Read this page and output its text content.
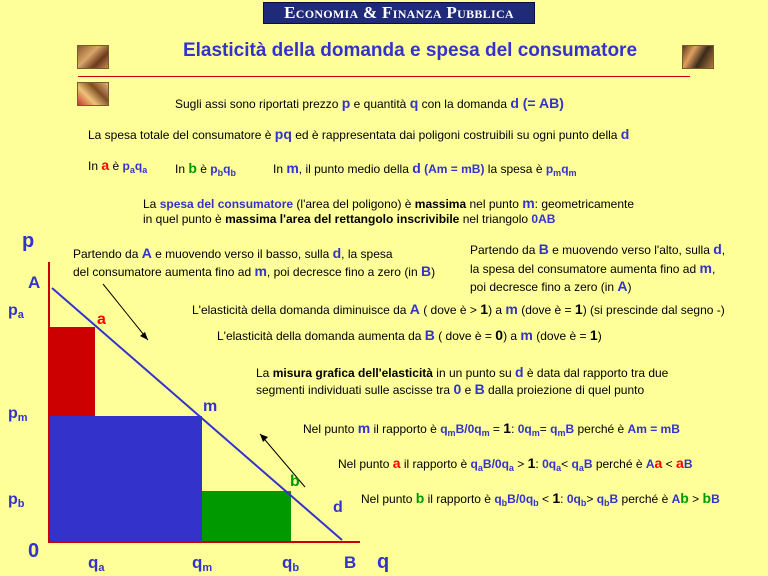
Economia & Finanza Pubblica
Elasticità della domanda e spesa del consumatore
Sugli assi sono riportati prezzo p e quantità q con la domanda d (= AB)
La spesa totale del consumatore è pq ed è rappresentata dai poligoni costruibili su ogni punto della d
In a è $p_aq_a$ In b è $p_bq_b$	In m, il punto medio della d (Am = mB) la spesa è $p_mq_m$
La spesa del consumatore (l'area del poligono) è massima nel punto m: geometricamente
in quel punto è massima l'area del rettangolo inscrivibile nel triangolo 0AB
p
A
pa
pm
pb
0
a
m
b
d
qa	qm	qb	B q
Partendo da A e muovendo verso il basso, sulla d, la spesa
del consumatore aumenta fino ad m, poi decresce fino a zero (in B)
Partendo da B e muovendo verso l'alto, sulla d,
la spesa del consumatore aumenta fino ad m,
poi decresce fino a zero (in A)
L'elasticità della domanda diminuisce da A ( dove è > 1) a m (dove è = 1) (si prescinde dal segno -)
L'elasticità della domanda aumenta da B ( dove è = 0) a m (dove è = 1)
La misura grafica dell'elasticità in un punto su d è data dal rapporto tra due
segmenti individuati sulle ascisse tra 0 e B dalla proiezione di quel punto
Nel punto m il rapporto è $q_mB/0q_m = 1$: $0q_m= q_mB$ perché è Am = mB
Nel punto a il rapporto è $q_aB/0q_a > 1$: $0q_a< q_aB$ perché è Aa < aB
Nel punto b il rapporto è $q_bB/0q_b < 1$: $0q_b> q_bB$ perché è Ab > bB
